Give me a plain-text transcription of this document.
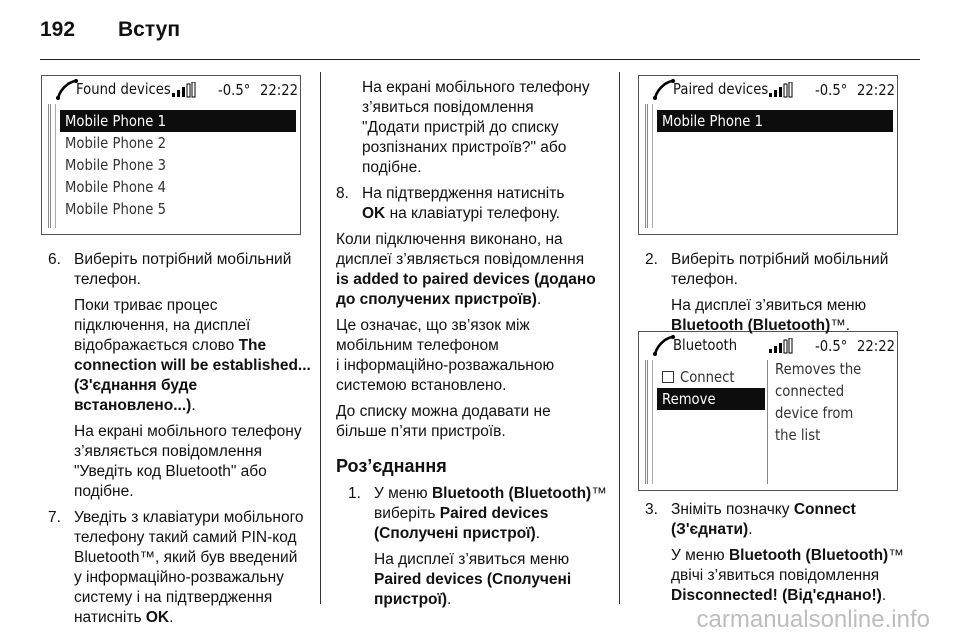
192 Вступ
Found devices	-0.5° 22:22
Mobile Phone 1
Mobile Phone 2
Mobile Phone 3
Mobile Phone 4
Mobile Phone 5
Paired devices	-0.5° 22:22
Mobile Phone 1
Bluetooth	-0.5° 22:22
Connect
Remove
Removes the
connected
device from
the list
6. Виберіть потрібний мобільний
телефон.

Поки триває процес
підключення, на дисплеї
відображається слово The
connection will be established...
(З'єднання буде
встановлено...).

На екрані мобільного телефону
з’являється повідомлення
"Уведіть код Bluetooth" або
подібне.

7. Уведіть з клавіатури мобільного
телефону такий самий PIN-код
Bluetooth™, який був введений
у інформаційно-розважальну
систему і на підтвердження
натисніть OK.

На екрані мобільного телефону
з’явиться повідомлення
"Додати пристрій до списку
розпізнаних пристроїв?" або
подібне.

8. На підтвердження натисніть
OK на клавіатурі телефону.

Коли підключення виконано, на
дисплеї з’являється повідомлення
is added to paired devices (додано
до сполучених пристроїв).

Це означає, що зв’язок між
мобільним телефоном
і інформаційно-розважальною
системою встановлено.

До списку можна додавати не
більше п’яти пристроїв.

Роз’єднання
1. У меню Bluetooth (Bluetooth)™
виберіть Paired devices
(Сполучені пристрої).

На дисплеї з’явиться меню
Paired devices (Сполучені
пристрої).

2. Виберіть потрібний мобільний
телефон.

На дисплеї з’явиться меню
Bluetooth (Bluetooth)™.

3. Зніміть позначку Connect
(З'єднати).

У меню Bluetooth (Bluetooth)™
двічі з’явиться повідомлення
Disconnected! (Від'єднано!).

carmanualsonline.info
